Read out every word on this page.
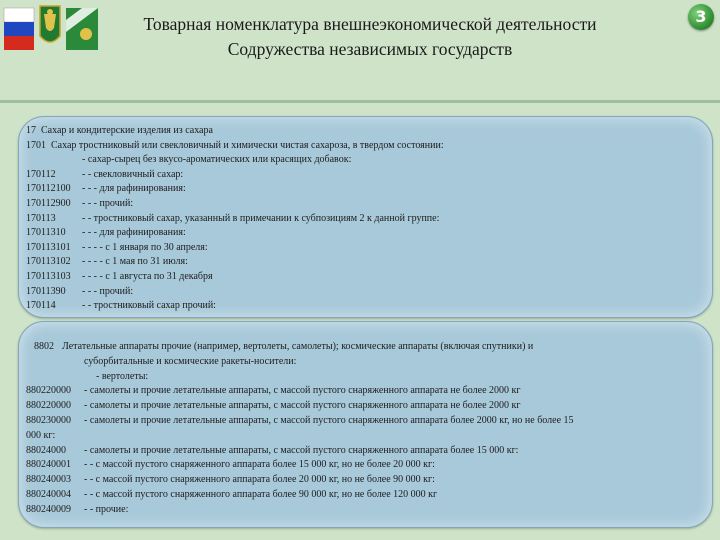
Товарная номенклатура внешнеэкономической деятельности
Содружества независимых государств
3
17 Сахар и кондитерские изделия из сахара
1701 Сахар тростниковый или свекловичный и химически чистая сахароза, в твердом состоянии:
- сахар-сырец без вкусо-ароматических или красящих добавок:
170112	- - свекловичный сахар:
170112100 - - - для рафинирования:
170112900 - - - прочий:
170113	- - тростниковый сахар, указанный в примечании к субпозициям 2 к данной группе:
17011310 - - - для рафинирования:
170113101 - - - - с 1 января по 30 апреля:
170113102 - - - - с 1 мая по 31 июля:
170113103 - - - - с 1 августа по 31 декабря
17011390 - - - прочий:
170114	- - тростниковый сахар прочий:
8802 Летательные аппараты прочие (например, вертолеты, самолеты); космические аппараты (включая спутники) и
суборбитальные и космические ракеты-носители:
- вертолеты:
880220000 - самолеты и прочие летательные аппараты, с массой пустого снаряженного аппарата не более 2000 кг
880220000 - самолеты и прочие летательные аппараты, с массой пустого снаряженного аппарата не более 2000 кг
880230000 - самолеты и прочие летательные аппараты, с массой пустого снаряженного аппарата более 2000 кг, но не более 15
000 кг:
88024000 - самолеты и прочие летательные аппараты, с массой пустого снаряженного аппарата более 15 000 кг:
880240001 - - с массой пустого снаряженного аппарата более 15 000 кг, но не более 20 000 кг:
880240003 - - с массой пустого снаряженного аппарата более 20 000 кг, но не более 90 000 кг:
880240004 - - с массой пустого снаряженного аппарата более 90 000 кг, но не более 120 000 кг
880240009 - - прочие:
